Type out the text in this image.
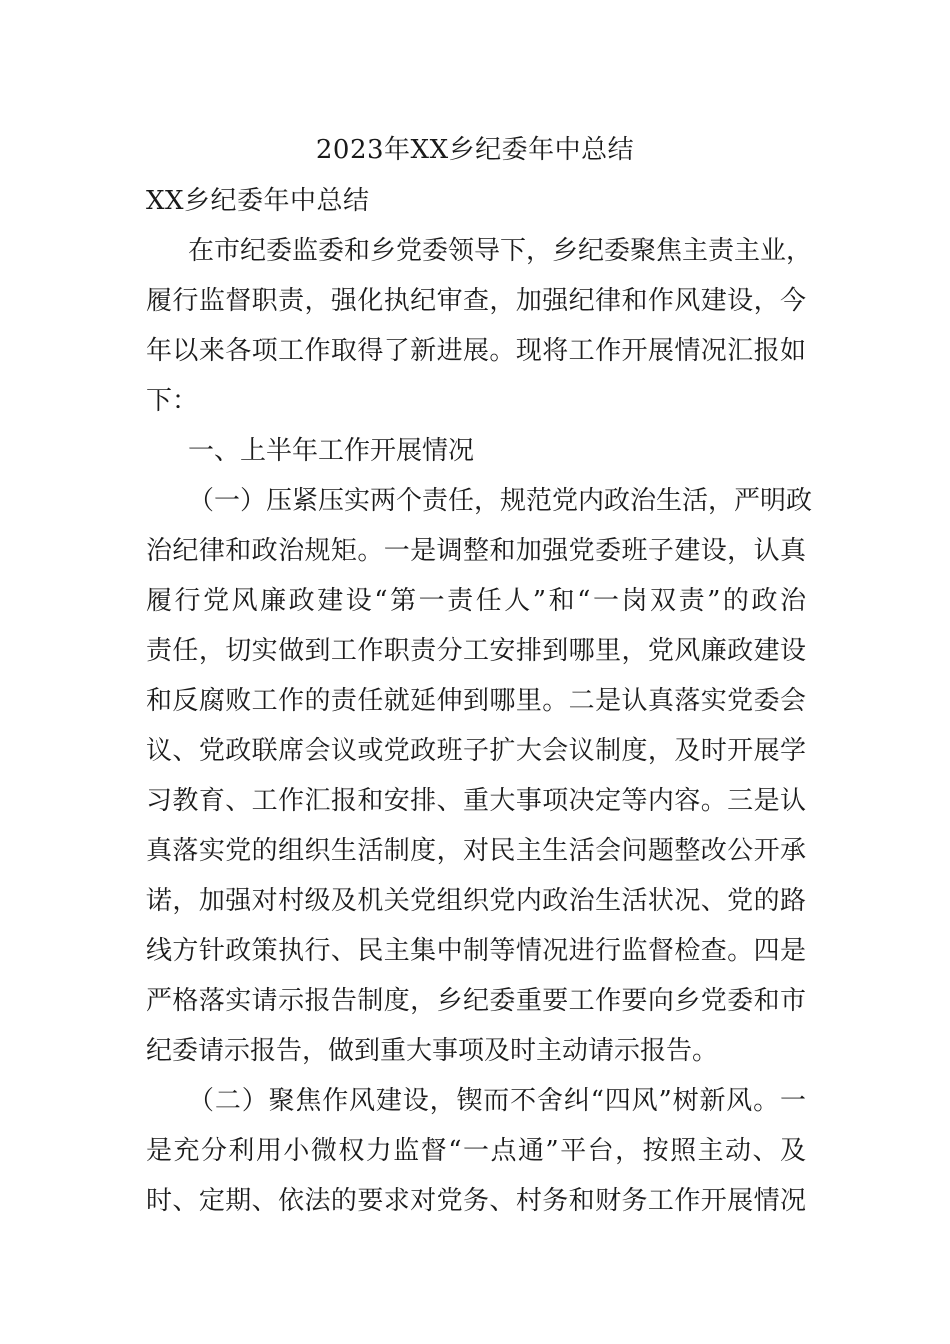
2023年XX乡纪委年中总结
XX乡纪委年中总结
在市纪委监委和乡党委领导下，乡纪委聚焦主责主业，
履行监督职责，强化执纪审查，加强纪律和作风建设，今
年以来各项工作取得了新进展。现将工作开展情况汇报如
下：
一、上半年工作开展情况
（一）压紧压实两个责任，规范党内政治生活，严明政
治纪律和政治规矩。一是调整和加强党委班子建设，认真
履行党风廉政建设“第一责任人”和“一岗双责”的政治
责任，切实做到工作职责分工安排到哪里，党风廉政建设
和反腐败工作的责任就延伸到哪里。二是认真落实党委会
议、党政联席会议或党政班子扩大会议制度，及时开展学
习教育、工作汇报和安排、重大事项决定等内容。三是认
真落实党的组织生活制度，对民主生活会问题整改公开承
诺，加强对村级及机关党组织党内政治生活状况、党的路
线方针政策执行、民主集中制等情况进行监督检查。四是
严格落实请示报告制度，乡纪委重要工作要向乡党委和市
纪委请示报告，做到重大事项及时主动请示报告。
（二）聚焦作风建设，锲而不舍纠“四风”树新风。一
是充分利用小微权力监督“一点通”平台，按照主动、及
时、定期、依法的要求对党务、村务和财务工作开展情况
